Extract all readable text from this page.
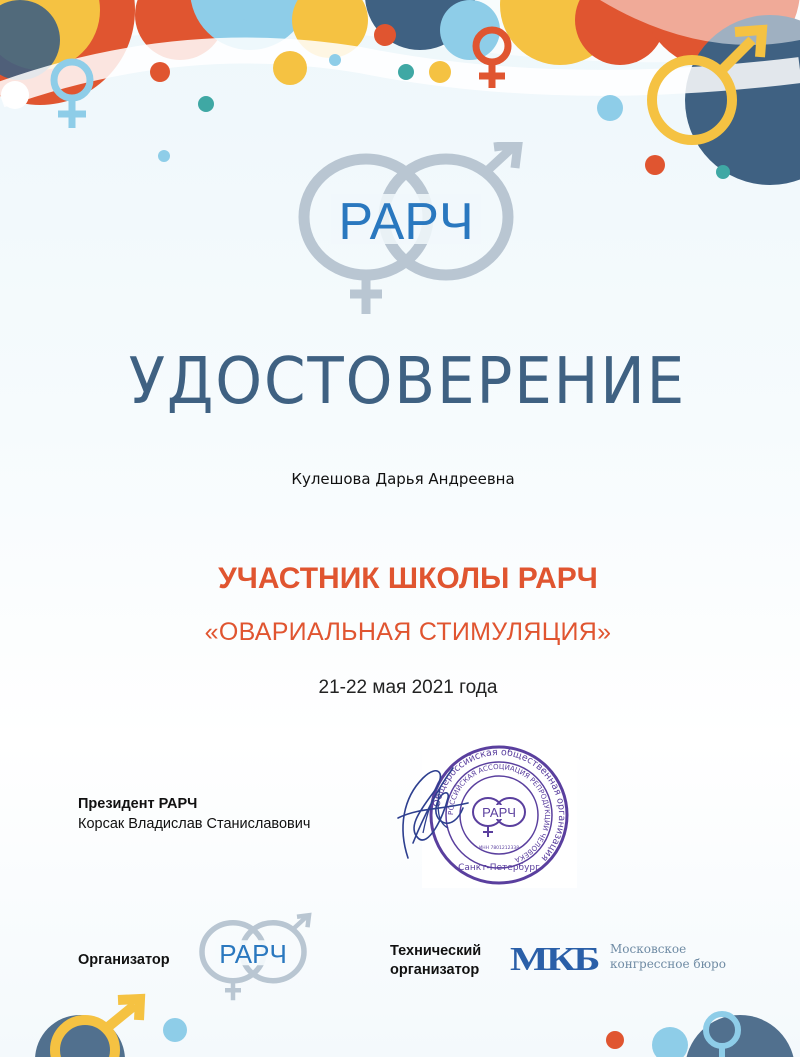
РАРЧ
УДОСТОВЕРЕНИЕ
Кулешова Дарья Андреевна
УЧАСТНИК ШКОЛЫ РАРЧ
«ОВАРИАЛЬНАЯ СТИМУЛЯЦИЯ»
21-22 мая 2021 года
Президент РАРЧ
Корсак Владислав Станиславович
Общероссийская общественная организация
РОССИЙСКАЯ АССОЦИАЦИЯ РЕПРОДУКЦИИ ЧЕЛОВЕКА
Санкт-Петербург
ИНН 7801212338
РАРЧ
Организатор РАРЧ	Технический
организатор МКБ Московское
конгрессное бюро
